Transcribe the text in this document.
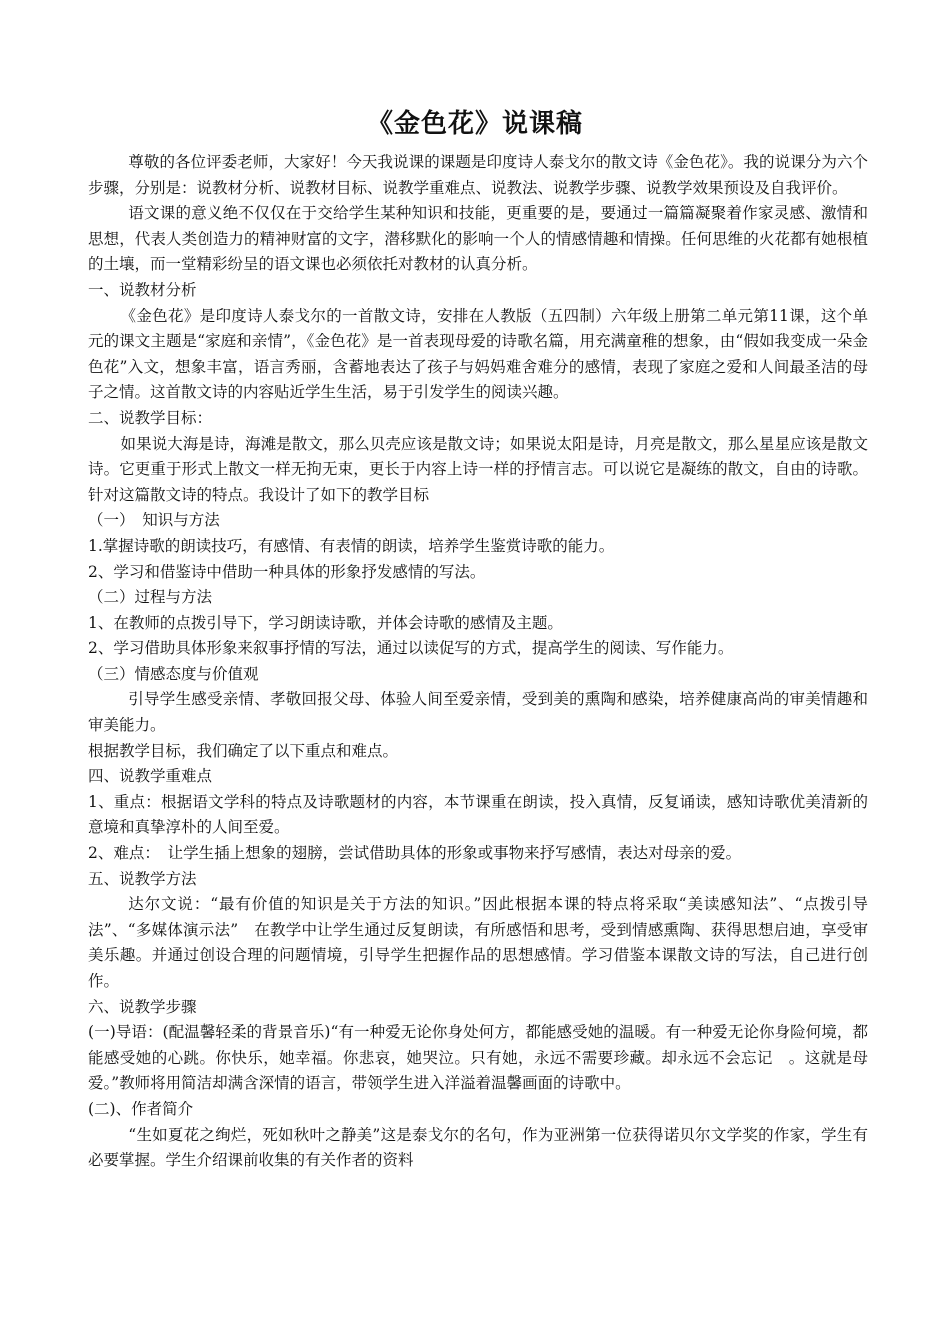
《金色花》说课稿

尊敬的各位评委老师，大家好！今天我说课的课题是印度诗人泰戈尔的散文诗《金色花》。我的说课分为六个步骤，分别是：说教材分析、说教材目标、说教学重难点、说教法、说教学步骤、说教学效果预设及自我评价。

语文课的意义绝不仅仅在于交给学生某种知识和技能，更重要的是，要通过一篇篇凝聚着作家灵感、激情和思想，代表人类创造力的精神财富的文字，潜移默化的影响一个人的情感情趣和情操。任何思维的火花都有她根植的土壤，而一堂精彩纷呈的语文课也必须依托对教材的认真分析。

一、说教材分析

《金色花》是印度诗人泰戈尔的一首散文诗，安排在人教版（五四制）六年级上册第二单元第11课，这个单元的课文主题是“家庭和亲情”，《金色花》是一首表现母爱的诗歌名篇，用充满童稚的想象，由“假如我变成一朵金色花”入文，想象丰富，语言秀丽，含蓄地表达了孩子与妈妈难舍难分的感情，表现了家庭之爱和人间最圣洁的母子之情。这首散文诗的内容贴近学生生活，易于引发学生的阅读兴趣。

二、说教学目标：

如果说大海是诗，海滩是散文，那么贝壳应该是散文诗；如果说太阳是诗，月亮是散文，那么星星应该是散文诗。它更重于形式上散文一样无拘无束，更长于内容上诗一样的抒情言志。可以说它是凝练的散文，自由的诗歌。针对这篇散文诗的特点。我设计了如下的教学目标

（一）　知识与方法

1.掌握诗歌的朗读技巧，有感情、有表情的朗读，培养学生鉴赏诗歌的能力。

2、学习和借鉴诗中借助一种具体的形象抒发感情的写法。

（二）过程与方法

1、在教师的点拨引导下，学习朗读诗歌，并体会诗歌的感情及主题。

2、学习借助具体形象来叙事抒情的写法，通过以读促写的方式，提高学生的阅读、写作能力。

（三）情感态度与价值观

引导学生感受亲情、孝敬回报父母、体验人间至爱亲情，受到美的熏陶和感染，培养健康高尚的审美情趣和审美能力。

根据教学目标，我们确定了以下重点和难点。

四、说教学重难点

1、重点：根据语文学科的特点及诗歌题材的内容，本节课重在朗读，投入真情，反复诵读，感知诗歌优美清新的意境和真挚淳朴的人间至爱。

2、难点：　让学生插上想象的翅膀，尝试借助具体的形象或事物来抒写感情，表达对母亲的爱。

五、说教学方法

达尔文说：“最有价值的知识是关于方法的知识。”因此根据本课的特点将采取“美读感知法”、“点拨引导法”、“多媒体演示法”　在教学中让学生通过反复朗读，有所感悟和思考，受到情感熏陶、获得思想启迪，享受审美乐趣。并通过创设合理的问题情境，引导学生把握作品的思想感情。学习借鉴本课散文诗的写法，自己进行创作。

六、说教学步骤

(一)导语：(配温馨轻柔的背景音乐)“有一种爱无论你身处何方，都能感受她的温暖。有一种爱无论你身险何境，都能感受她的心跳。你快乐，她幸福。你悲哀，她哭泣。只有她，永远不需要珍藏。却永远不会忘记　。这就是母爱。”教师将用简洁却满含深情的语言，带领学生进入洋溢着温馨画面的诗歌中。

(二)、作者简介

“生如夏花之绚烂，死如秋叶之静美”这是泰戈尔的名句，作为亚洲第一位获得诺贝尔文学奖的作家，学生有必要掌握。学生介绍课前收集的有关作者的资料
